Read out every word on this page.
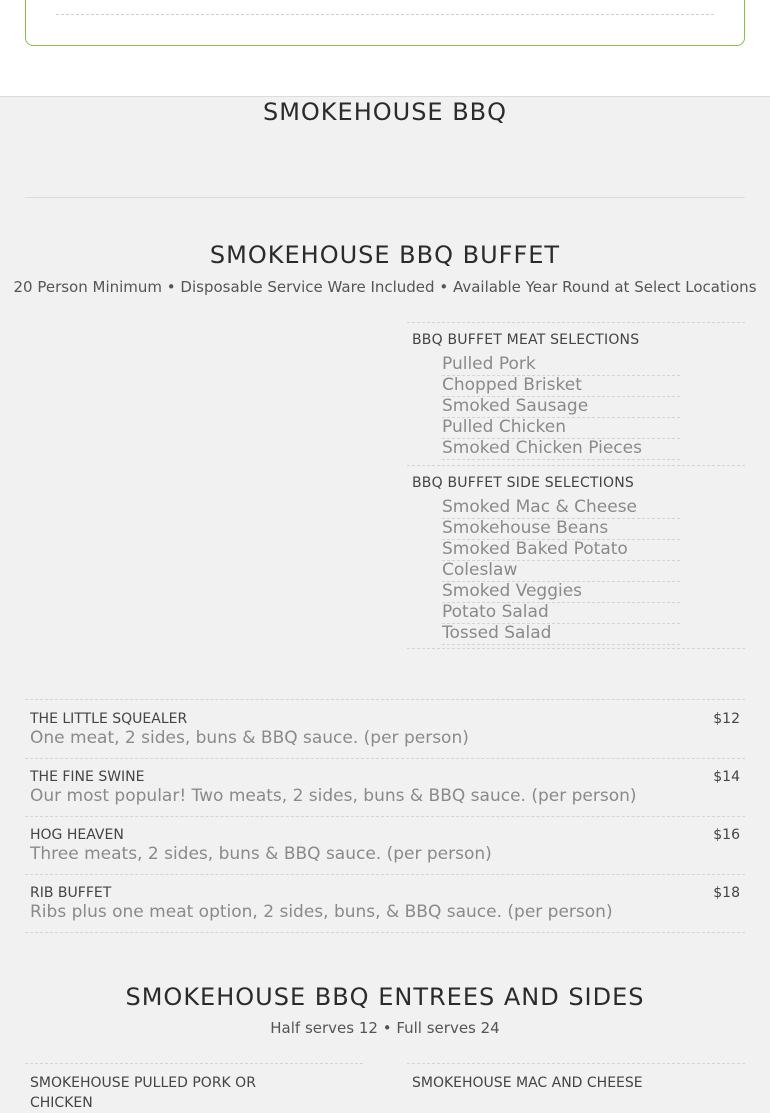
SMOKEHOUSE BBQ
SMOKEHOUSE BBQ BUFFET
20 Person Minimum • Disposable Service Ware Included • Available Year Round at Select Locations
BBQ BUFFET MEAT SELECTIONS
Pulled Pork
Chopped Brisket
Smoked Sausage
Pulled Chicken
Smoked Chicken Pieces
BBQ BUFFET SIDE SELECTIONS
Smoked Mac & Cheese
Smokehouse Beans
Smoked Baked Potato
Coleslaw
Smoked Veggies
Potato Salad
Tossed Salad
THE LITTLE SQUEALER	$12
One meat, 2 sides, buns & BBQ sauce. (per person)
THE FINE SWINE	$14
Our most popular! Two meats, 2 sides, buns & BBQ sauce. (per person)
HOG HEAVEN	$16
Three meats, 2 sides, buns & BBQ sauce. (per person)
RIB BUFFET	$18
Ribs plus one meat option, 2 sides, buns, & BBQ sauce. (per person)
SMOKEHOUSE BBQ ENTREES AND SIDES
Half serves 12 • Full serves 24
SMOKEHOUSE PULLED PORK OR CHICKEN
SMOKEHOUSE MAC AND CHEESE
